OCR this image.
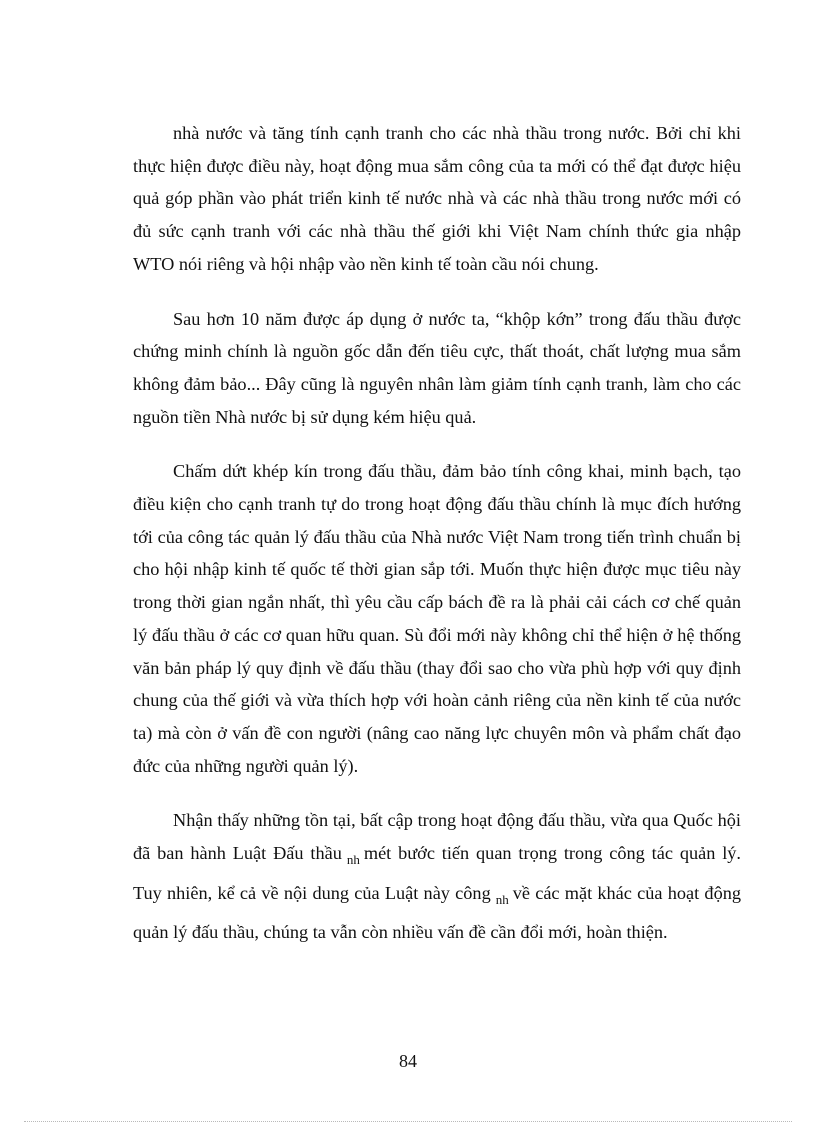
nhà nước và tăng tính cạnh tranh cho các nhà thầu trong nước. Bởi chỉ khi thực hiện được điều này, hoạt động mua sắm công của ta mới có thể đạt được hiệu quả góp phần vào phát triển kinh tế nước nhà và các nhà thầu trong nước mới có đủ sức cạnh tranh với các nhà thầu thế giới khi Việt Nam chính thức gia nhập WTO nói riêng và hội nhập vào nền kinh tế toàn cầu nói chung.

Sau hơn 10 năm được áp dụng ở nước ta, “khộp kớn” trong đấu thầu được chứng minh chính là nguồn gốc dẫn đến tiêu cực, thất thoát, chất lượng mua sắm không đảm bảo... Đây cũng là nguyên nhân làm giảm tính cạnh tranh, làm cho các nguồn tiền Nhà nước bị sử dụng kém hiệu quả.

Chấm dứt khép kín trong đấu thầu, đảm bảo tính công khai, minh bạch, tạo điều kiện cho cạnh tranh tự do trong hoạt động đấu thầu chính là mục đích hướng tới của công tác quản lý đấu thầu của Nhà nước Việt Nam trong tiến trình chuẩn bị cho hội nhập kinh tế quốc tế thời gian sắp tới. Muốn thực hiện được mục tiêu này trong thời gian ngắn nhất, thì yêu cầu cấp bách đề ra là phải cải cách cơ chế quản lý đấu thầu ở các cơ quan hữu quan. Sù đổi mới này không chỉ thể hiện ở hệ thống văn bản pháp lý quy định về đấu thầu (thay đổi sao cho vừa phù hợp với quy định chung của thế giới và vừa thích hợp với hoàn cảnh riêng của nền kinh tế của nước ta) mà còn ở vấn đề con người (nâng cao năng lực chuyên môn và phẩm chất đạo đức của những người quản lý).

Nhận thấy những tồn tại, bất cập trong hoạt động đấu thầu, vừa qua Quốc hội đã ban hành Luật Đấu thầu $_{nh}$ mét bước tiến quan trọng trong công tác quản lý. Tuy nhiên, kể cả về nội dung của Luật này công $_{nh}$ về các mặt khác của hoạt động quản lý đấu thầu, chúng ta vẫn còn nhiều vấn đề cần đổi mới, hoàn thiện.

84
